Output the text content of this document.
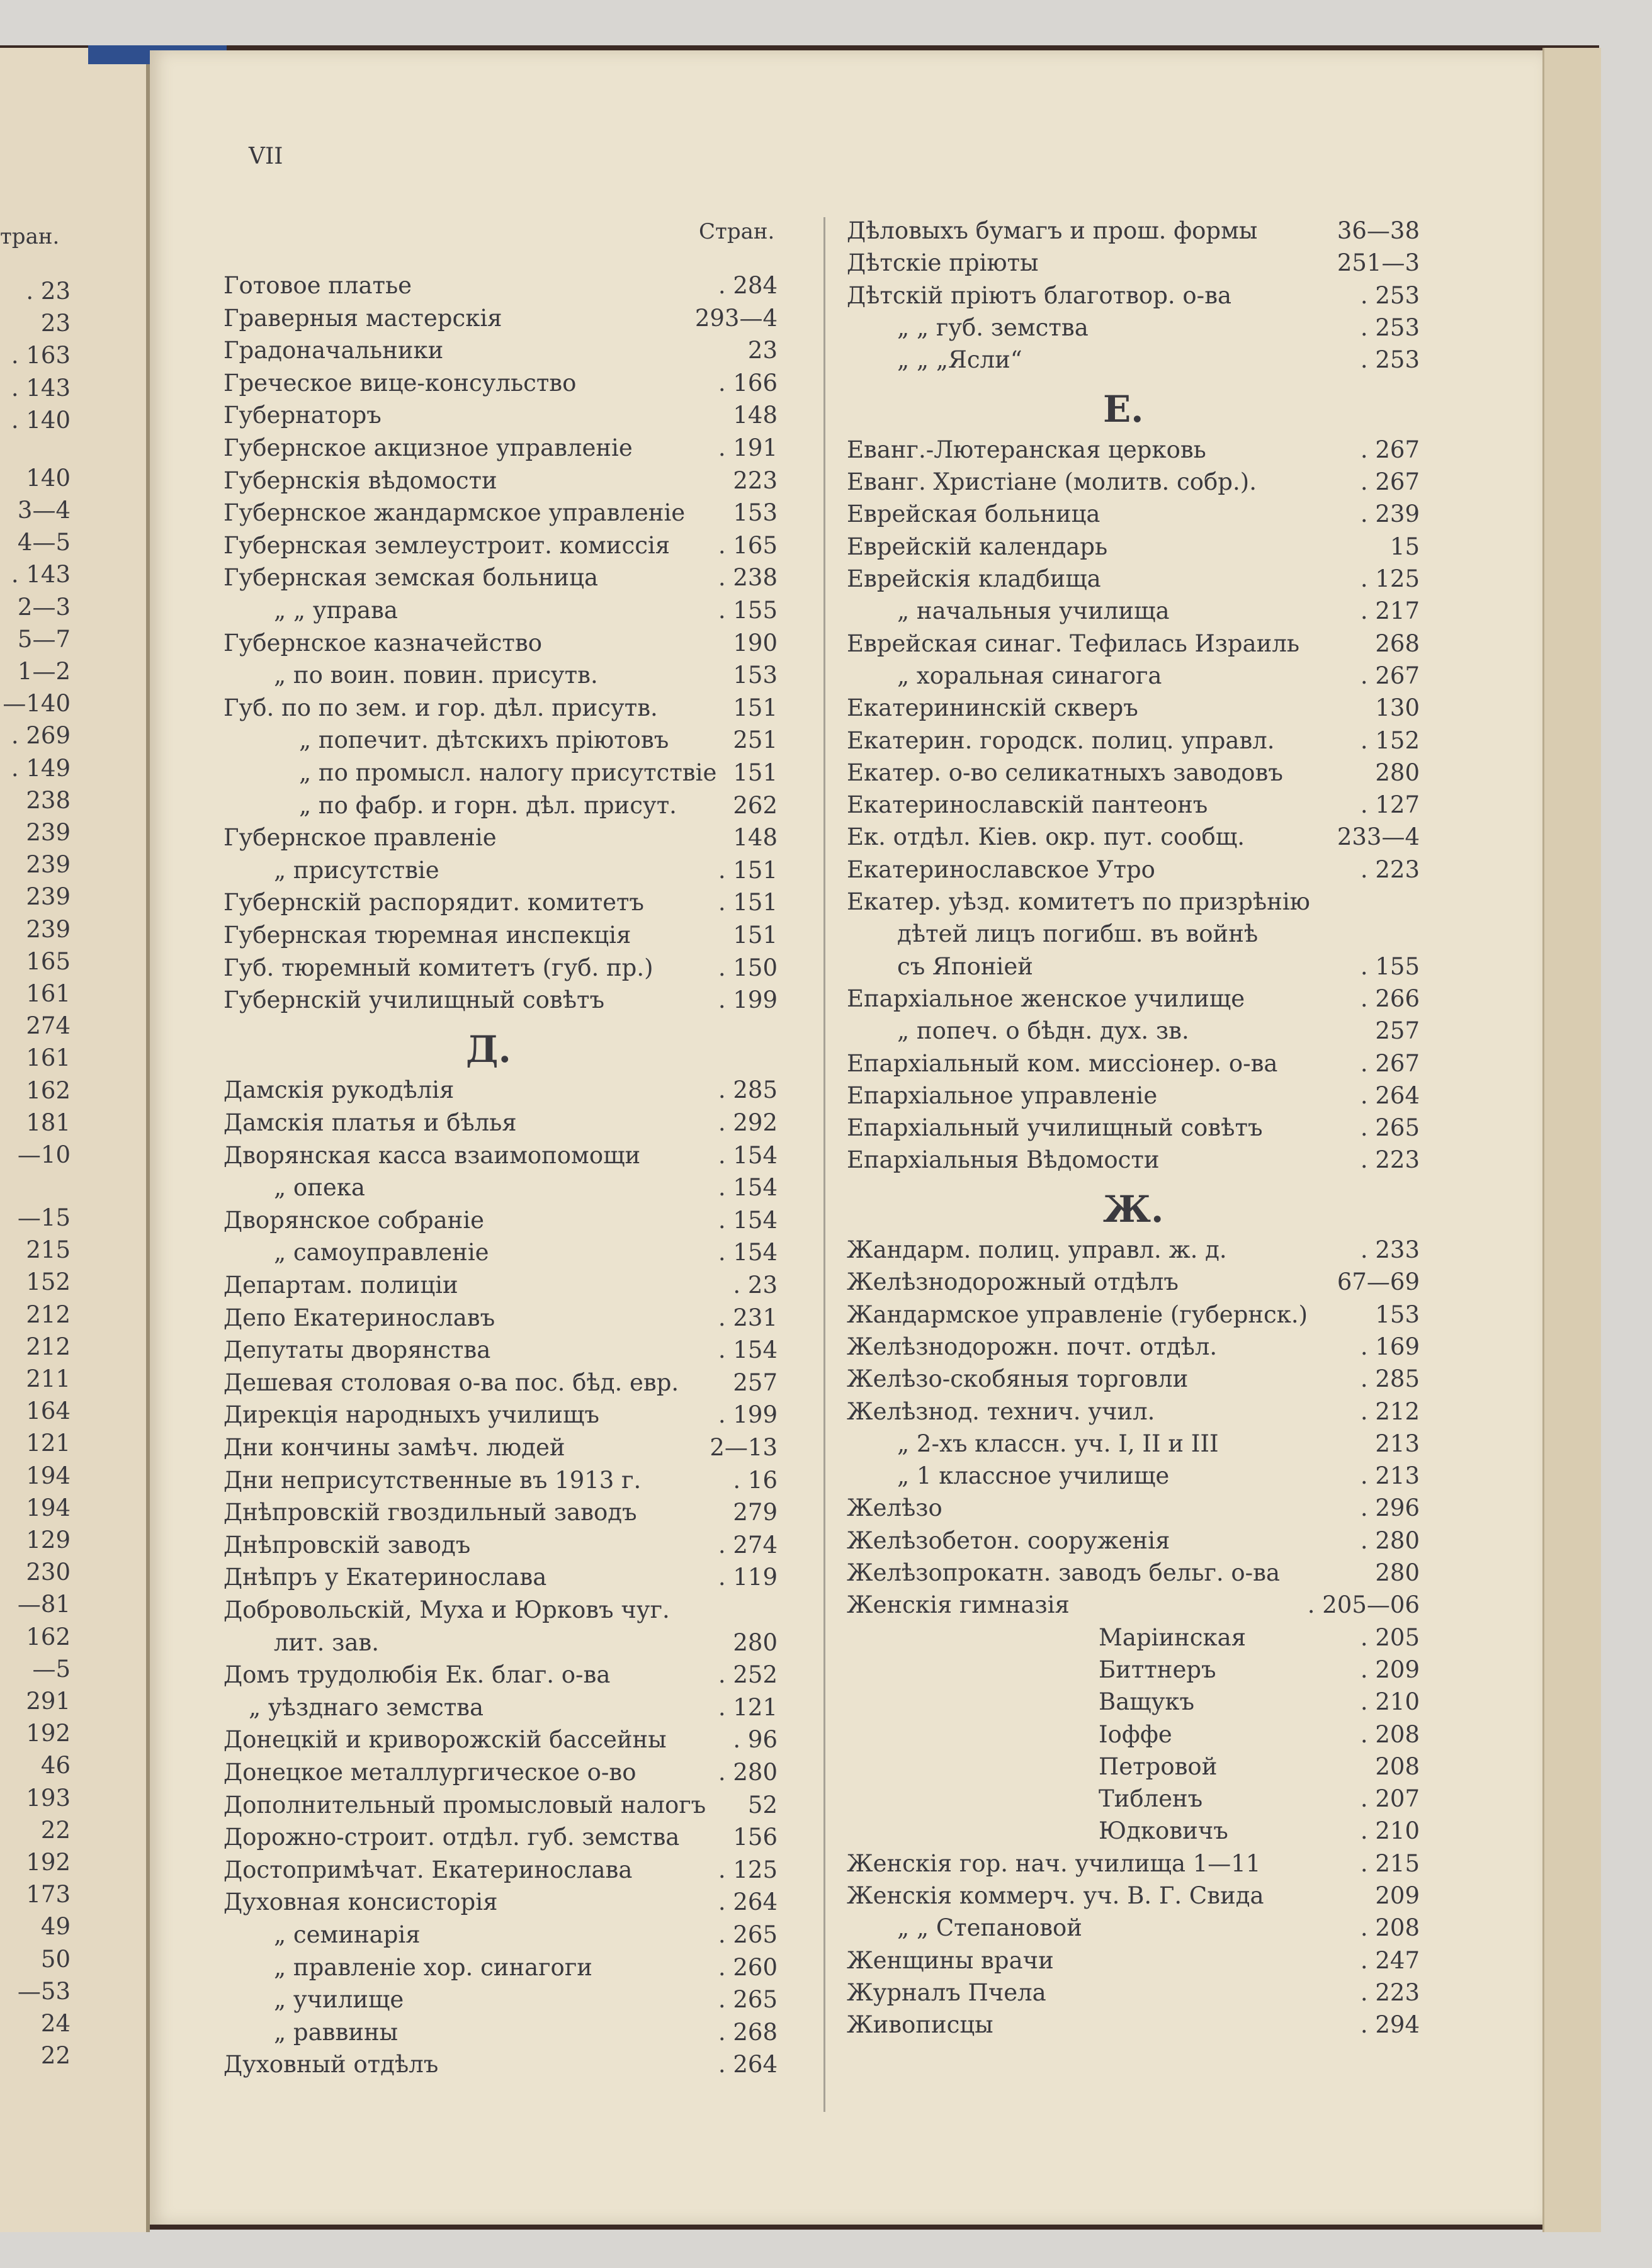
тран.
. 23
23
. 163
. 143
. 140
140
3—4
4—5
. 143
2—3
5—7
1—2
—140
. 269
. 149
238
239
239
239
239
165
161
274
161
162
181
—10
—15
215
152
212
212
211
164
121
194
194
129
230
—81
162
—5
291
192
46
193
22
192
173
49
50
—53
24
22
VII
Стран.
Готовое платье	. 284
Граверныя мастерскія	293—4
Градоначальники	23
Греческое вице-консульство	. 166
Губернаторъ	148
Губернское акцизное управленіе	. 191
Губернскія вѣдомости	223
Губернское жандармское управленіе 153
Губернская землеустроит. комиссія . 165
Губернская земская больница	. 238
„ „ управа	. 155
Губернское казначейство	190
„ по воин. повин. присутв.	153
Губ. по по зем. и гор. дѣл. присутв.	151
„ попечит. дѣтскихъ пріютовъ	251
„ по промысл. налогу присутствіе 151
„ по фабр. и горн. дѣл. присут. 262
Губернское правленіе	148
„ присутствіе	. 151
Губернскій распорядит. комитетъ	. 151
Губернская тюремная инспекція	151
Губ. тюремный комитетъ (губ. пр.)	. 150
Губернскій училищный совѣтъ	. 199
Д.
Дамскія рукодѣлія	. 285
Дамскія платья и бѣлья	. 292
Дворянская касса взаимопомощи	. 154
„ опека	. 154
Дворянское собраніе	. 154
„ самоуправленіе	. 154
Департам. полиціи	. 23
Депо Екатеринославъ	. 231
Депутаты дворянства	. 154
Дешевая столовая о-ва пос. бѣд. евр. 257
Дирекція народныхъ училищъ	. 199
Дни кончины замѣч. людей	2—13
Дни неприсутственные въ 1913 г.	. 16
Днѣпровскій гвоздильный заводъ	279
Днѣпровскій заводъ	. 274
Днѣпръ у Екатеринослава	. 119
Добровольскій, Муха и Юрковъ чуг.
лит. зав.	280
Домъ трудолюбія Ек. благ. о-ва	. 252
„ уѣзднаго земства	. 121
Донецкій и криворожскій бассейны	. 96
Донецкое металлургическое о-во	. 280
Дополнительный промысловый налогъ 52
Дорожно-строит. отдѣл. губ. земства 156
Достопримѣчат. Екатеринослава	. 125
Духовная консисторія	. 264
„ семинарія	. 265
„ правленіе хор. синагоги	. 260
„ училище	. 265
„ раввины	. 268
Духовный отдѣлъ	. 264
Дѣловыхъ бумагъ и прош. формы	36—38
Дѣтскіе пріюты	251—3
Дѣтскій пріютъ благотвор. о-ва	. 253
„ „ губ. земства	. 253
„ „ „Ясли“	. 253
Е.
Еванг.-Лютеранская церковь	. 267
Еванг. Христіане (молитв. собр.).	. 267
Еврейская больница	. 239
Еврейскій календарь	15
Еврейскія кладбища	. 125
„ начальныя училища	. 217
Еврейская синаг. Тефилась Израиль	268
„ хоральная синагога	. 267
Екатерининскій скверъ	130
Екатерин. городск. полиц. управл.	. 152
Екатер. о-во селикатныхъ заводовъ	280
Екатеринославскій пантеонъ	. 127
Ек. отдѣл. Кіев. окр. пут. сообщ.	233—4
Екатеринославское Утро	. 223
Екатер. уѣзд. комитетъ по призрѣнію
дѣтей лицъ погибш. въ войнѣ
съ Японіей	. 155
Епархіальное женское училище	. 266
„ попеч. о бѣдн. дух. зв.	257
Епархіальный ком. миссіонер. о-ва	. 267
Епархіальное управленіе	. 264
Епархіальный училищный совѣтъ	. 265
Епархіальныя Вѣдомости	. 223
Ж.
Жандарм. полиц. управл. ж. д.	. 233
Желѣзнодорожный отдѣлъ	67—69
Жандармское управленіе (губернск.)	153
Желѣзнодорожн. почт. отдѣл.	. 169
Желѣзо-скобяныя торговли	. 285
Желѣзнод. технич. учил.	. 212
„ 2-хъ классн. уч. I, II и III	213
„ 1 классное училище	. 213
Желѣзо	. 296
Желѣзобетон. сооруженія	. 280
Желѣзопрокатн. заводъ бельг. о-ва	280
Женскія гимназія	. 205—06
Маріинская	. 205
Биттнеръ	. 209
Ващукъ	. 210
Іоффе	. 208
Петровой	208
Тибленъ	. 207
Юдковичъ	. 210
Женскія гор. нач. училища 1—11	. 215
Женскія коммерч. уч. В. Г. Свида	209
„ „ Степановой	. 208
Женщины врачи	. 247
Журналъ Пчела	. 223
Живописцы	. 294
